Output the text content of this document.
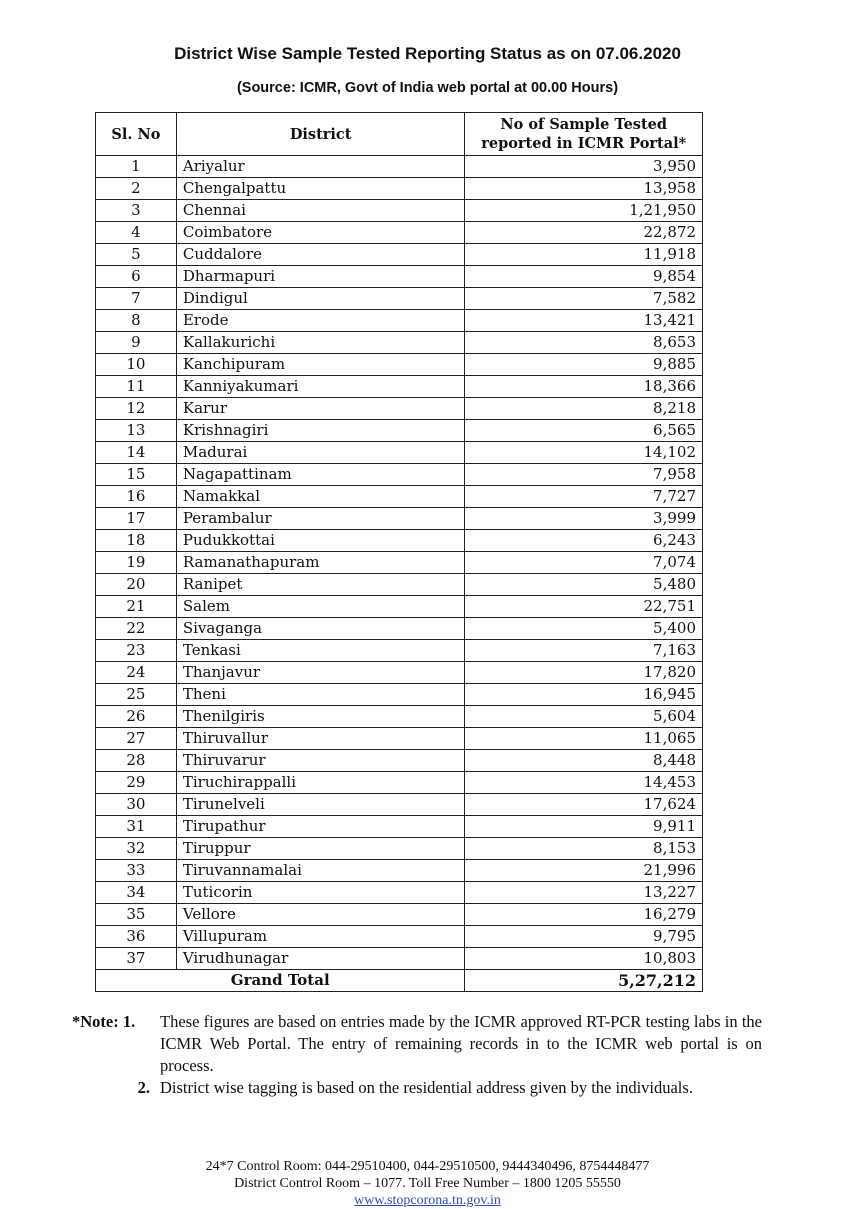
District Wise Sample Tested Reporting Status as on 07.06.2020
(Source: ICMR, Govt of India web portal at 00.00 Hours)
Sl. No	District	No of Sample Tested reported in ICMR Portal*
1	Ariyalur	3,950
2	Chengalpattu	13,958
3	Chennai	1,21,950
4	Coimbatore	22,872
5	Cuddalore	11,918
6	Dharmapuri	9,854
7	Dindigul	7,582
8	Erode	13,421
9	Kallakurichi	8,653
10	Kanchipuram	9,885
11	Kanniyakumari	18,366
12	Karur	8,218
13	Krishnagiri	6,565
14	Madurai	14,102
15	Nagapattinam	7,958
16	Namakkal	7,727
17	Perambalur	3,999
18	Pudukkottai	6,243
19	Ramanathapuram	7,074
20	Ranipet	5,480
21	Salem	22,751
22	Sivaganga	5,400
23	Tenkasi	7,163
24	Thanjavur	17,820
25	Theni	16,945
26	Thenilgiris	5,604
27	Thiruvallur	11,065
28	Thiruvarur	8,448
29	Tiruchirappalli	14,453
30	Tirunelveli	17,624
31	Tirupathur	9,911
32	Tiruppur	8,153
33	Tiruvannamalai	21,996
34	Tuticorin	13,227
35	Vellore	16,279
36	Villupuram	9,795
37	Virudhunagar	10,803
Grand Total		5,27,212
*Note: 1.	These figures are based on entries made by the ICMR approved RT-PCR testing labs in the ICMR Web Portal. The entry of remaining records in to the ICMR web portal is on process.
2. District wise tagging is based on the residential address given by the individuals.
24*7 Control Room: 044-29510400, 044-29510500, 9444340496, 8754448477
District Control Room – 1077. Toll Free Number – 1800 1205 55550
www.stopcorona.tn.gov.in
